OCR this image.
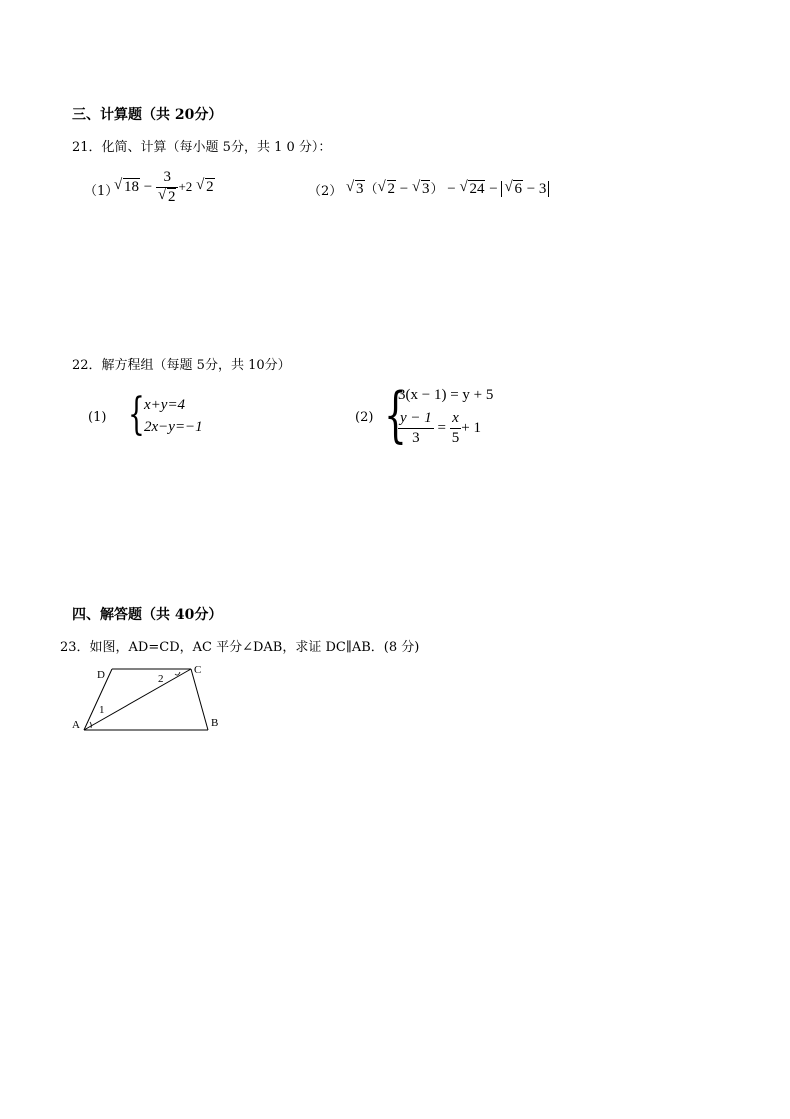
三、计算题（共 20分）
21．化简、计算（每小题 5分，共 1 0 分）：
（1）
√ $18 - \frac{3}{√ 2} +2$ √ 2	（2） √ 3（ √ 2 − √ 3） − √ 24 − √ 6 − 3
22．解方程组（每题 5分，共 10分）
(1) { x+y=4
2x−y=−1
(2) {
3(x − 1) = y + 5
$\frac{y - 1}{3} = \frac{x}{5} + 1$
四、解答题（共 40分）
23．如图，AD=CD，AC 平分∠DAB，求证 DC∥AB．(8 分)
A	B
C
D
1
2
